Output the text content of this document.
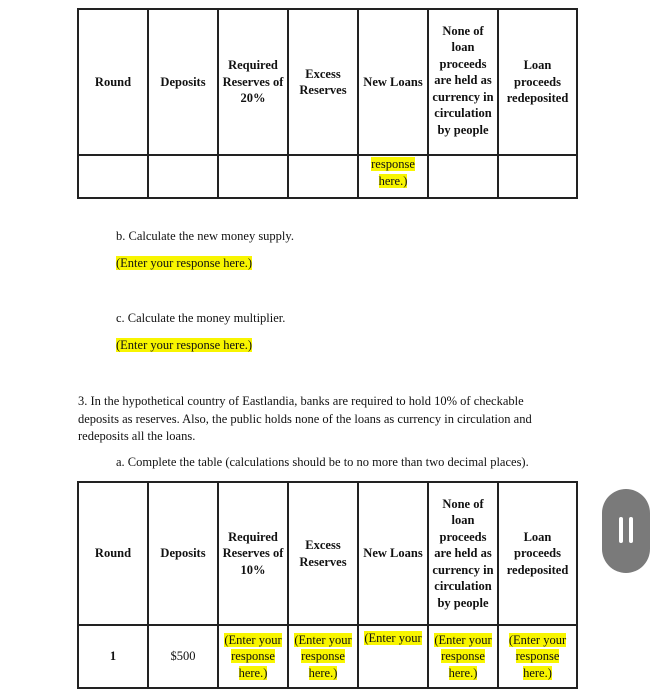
Round	Deposits	Required Reserves of 20%	Excess Reserves	New Loans	None of loan proceeds are held as currency in circulation by people	Loan proceeds redeposited
				response here.)		

b. Calculate the new money supply.

(Enter your response here.)

c. Calculate the money multiplier.

(Enter your response here.)

3. In the hypothetical country of Eastlandia, banks are required to hold 10% of checkable deposits as reserves. Also, the public holds none of the loans as currency in circulation and redeposits all the loans.

a. Complete the table (calculations should be to no more than two decimal places).

Round	Deposits	Required Reserves of 10%	Excess Reserves	New Loans	None of loan proceeds are held as currency in circulation by people	Loan proceeds redeposited
1	$500	(Enter your response here.)	(Enter your response here.)	(Enter your	(Enter your response here.)	(Enter your response here.)
